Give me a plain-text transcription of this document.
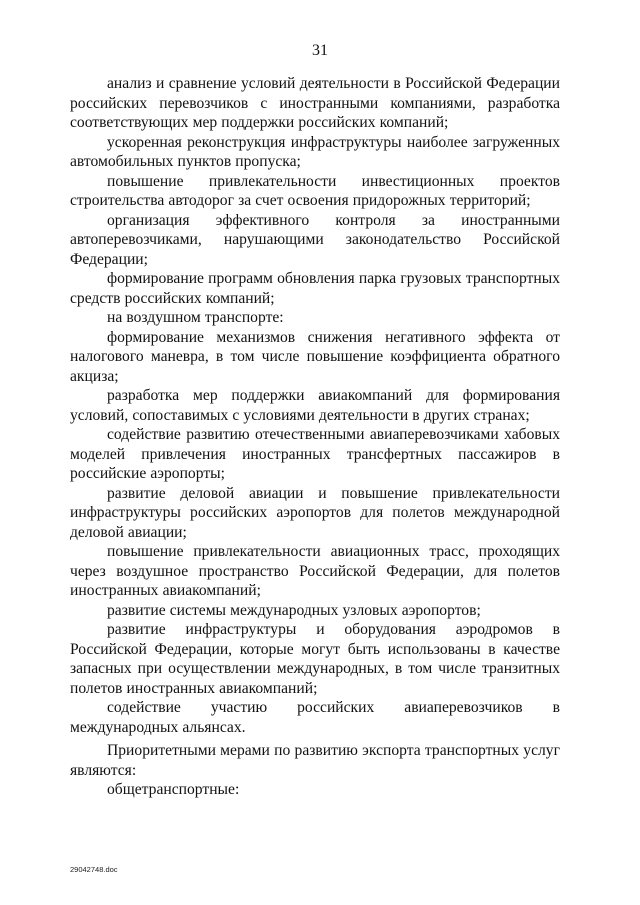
31

анализ и сравнение условий деятельности в Российской Федерации российских перевозчиков с иностранными компаниями, разработка соответствующих мер поддержки российских компаний;

ускоренная реконструкция инфраструктуры наиболее загруженных автомобильных пунктов пропуска;

повышение привлекательности инвестиционных проектов строительства автодорог за счет освоения придорожных территорий;

организация эффективного контроля за иностранными автоперевозчиками, нарушающими законодательство Российской Федерации;

формирование программ обновления парка грузовых транспортных средств российских компаний;

на воздушном транспорте:

формирование механизмов снижения негативного эффекта от налогового маневра, в том числе повышение коэффициента обратного акциза;

разработка мер поддержки авиакомпаний для формирования условий, сопоставимых с условиями деятельности в других странах;

содействие развитию отечественными авиаперевозчиками хабовых моделей привлечения иностранных трансфертных пассажиров в российские аэропорты;

развитие деловой авиации и повышение привлекательности инфраструктуры российских аэропортов для полетов международной деловой авиации;

повышение привлекательности авиационных трасс, проходящих через воздушное пространство Российской Федерации, для полетов иностранных авиакомпаний;

развитие системы международных узловых аэропортов;

развитие инфраструктуры и оборудования аэродромов в Российской Федерации, которые могут быть использованы в качестве запасных при осуществлении международных, в том числе транзитных полетов иностранных авиакомпаний;

содействие участию российских авиаперевозчиков в международных альянсах.

Приоритетными мерами по развитию экспорта транспортных услуг являются:

общетранспортные:

29042748.doc
